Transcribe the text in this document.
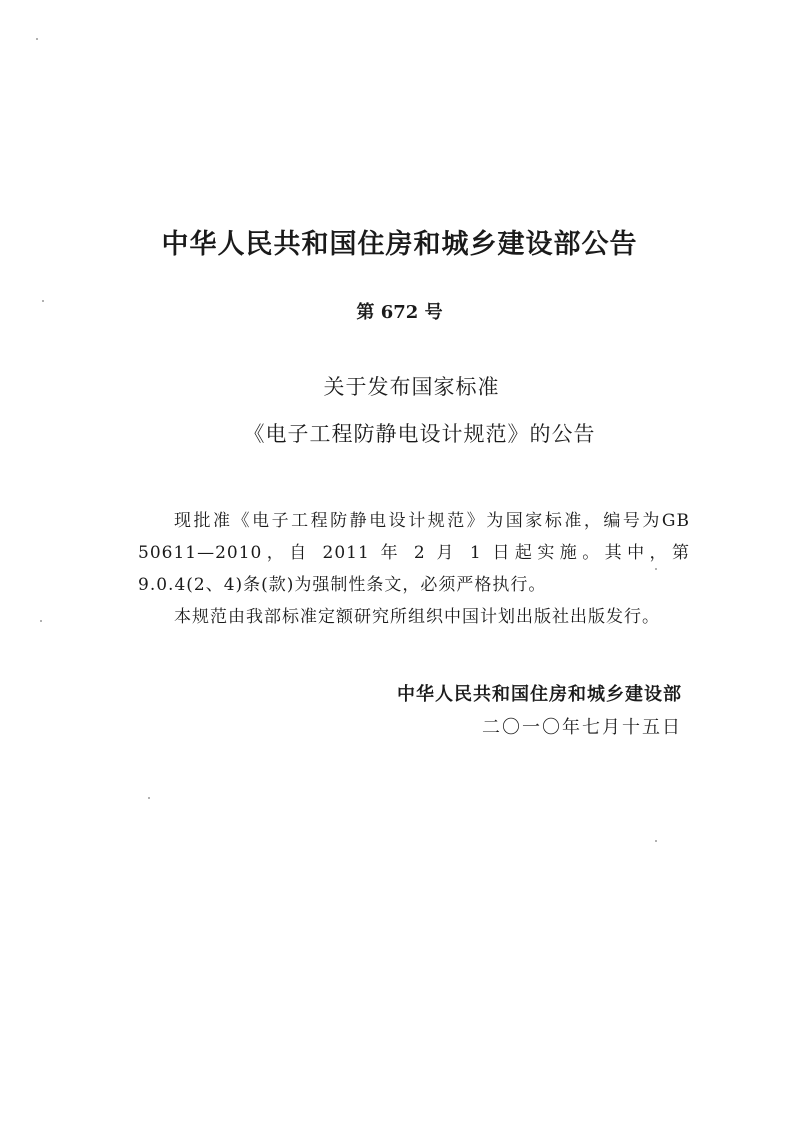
中华人民共和国住房和城乡建设部公告
第 672 号
关于发布国家标准
《电子工程防静电设计规范》的公告

现批准《电子工程防静电设计规范》为国家标准，编号为GB 50611—2010，自 2011 年 2 月 1 日起实施。其中，第 9.0.4(2、4)条(款)为强制性条文，必须严格执行。

本规范由我部标准定额研究所组织中国计划出版社出版发行。

中华人民共和国住房和城乡建设部
二〇一〇年七月十五日
